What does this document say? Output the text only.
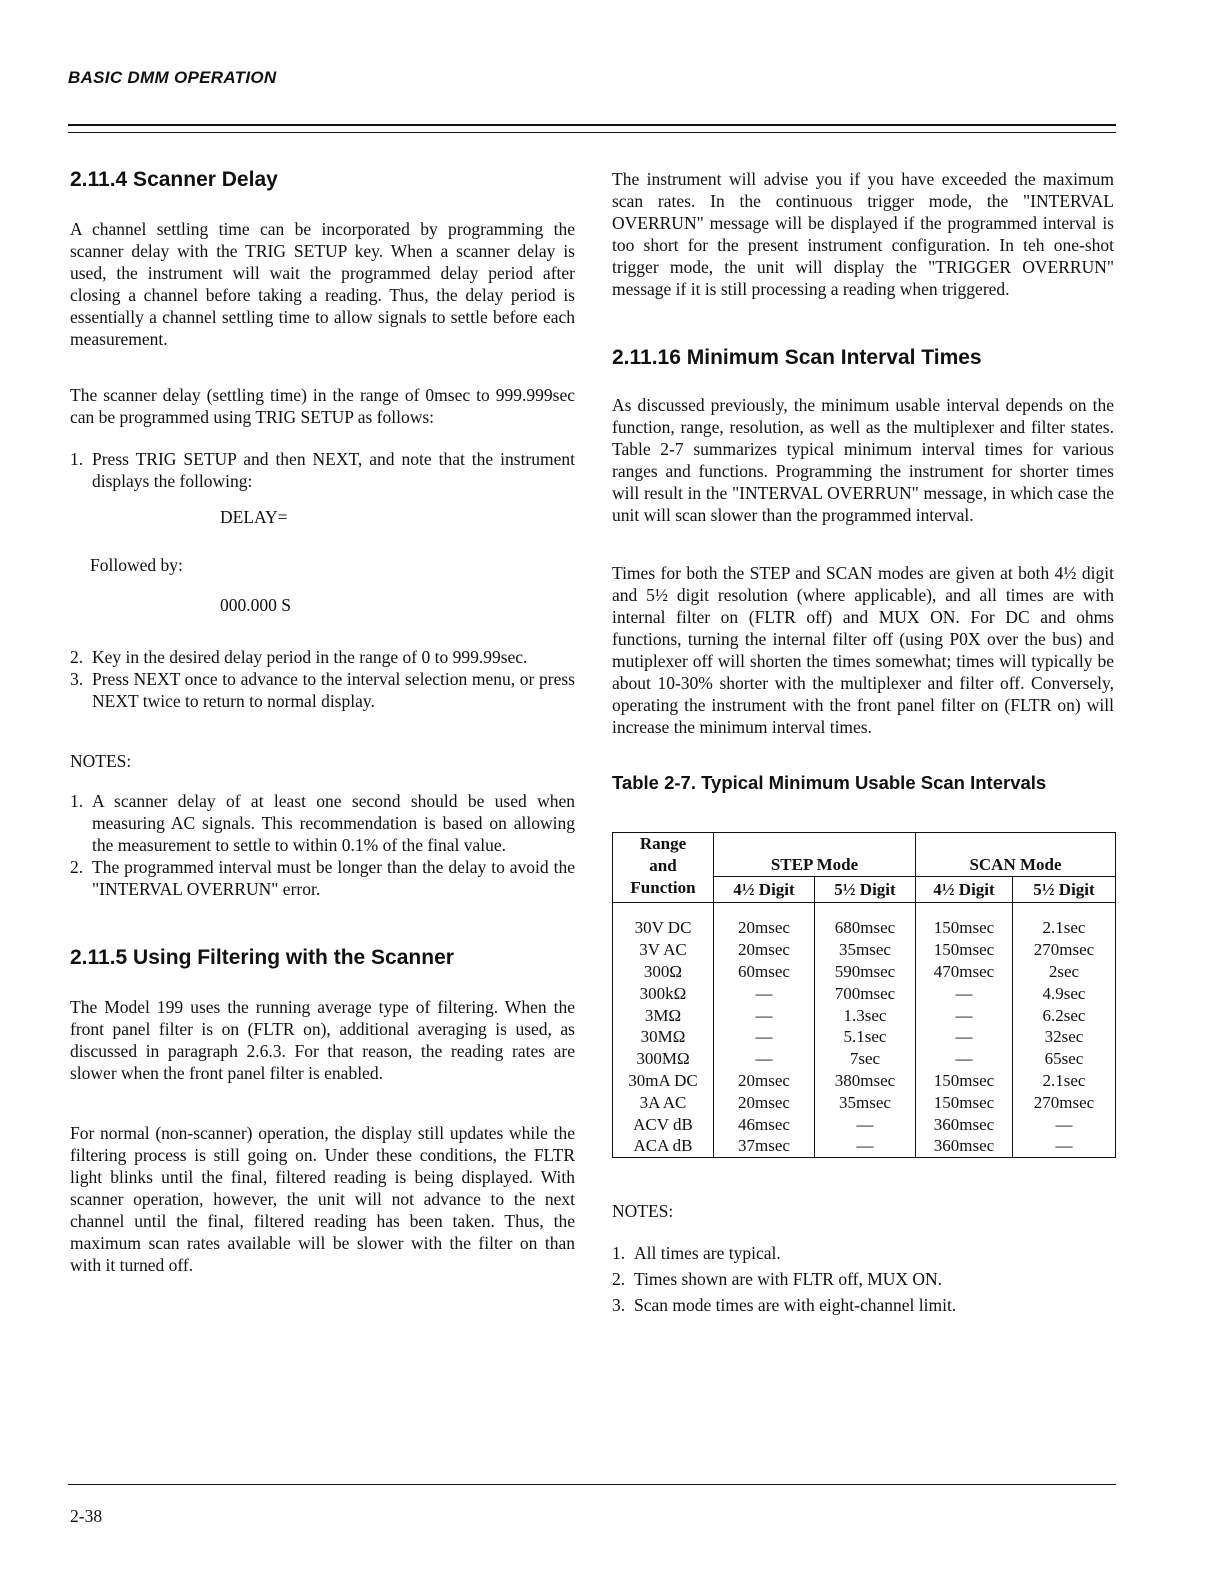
BASIC DMM OPERATION
2.11.4 Scanner Delay

A channel settling time can be incorporated by programming the scanner delay with the TRIG SETUP key. When a scanner delay is used, the instrument will wait the programmed delay period after closing a channel before taking a reading. Thus, the delay period is essentially a channel settling time to allow signals to settle before each measurement.

The scanner delay (settling time) in the range of 0msec to 999.999sec can be programmed using TRIG SETUP as follows:

1. Press TRIG SETUP and then NEXT, and note that the instrument displays the following:
DELAY=
Followed by:
000.000 S
2. Key in the desired delay period in the range of 0 to 999.99sec.
3. Press NEXT once to advance to the interval selection menu, or press NEXT twice to return to normal display.

NOTES:

1. A scanner delay of at least one second should be used when measuring AC signals. This recommendation is based on allowing the measurement to settle to within 0.1% of the final value.
2. The programmed interval must be longer than the delay to avoid the "INTERVAL OVERRUN" error.
2.11.5 Using Filtering with the Scanner

The Model 199 uses the running average type of filtering. When the front panel filter is on (FLTR on), additional averaging is used, as discussed in paragraph 2.6.3. For that reason, the reading rates are slower when the front panel filter is enabled.

For normal (non-scanner) operation, the display still updates while the filtering process is still going on. Under these conditions, the FLTR light blinks until the final, filtered reading is being displayed. With scanner operation, however, the unit will not advance to the next channel until the final, filtered reading has been taken. Thus, the maximum scan rates available will be slower with the filter on than with it turned off.

The instrument will advise you if you have exceeded the maximum scan rates. In the continuous trigger mode, the "INTERVAL OVERRUN" message will be displayed if the programmed interval is too short for the present instrument configuration. In teh one-shot trigger mode, the unit will display the "TRIGGER OVERRUN" message if it is still processing a reading when triggered.

2.11.16 Minimum Scan Interval Times

As discussed previously, the minimum usable interval depends on the function, range, resolution, as well as the multiplexer and filter states. Table 2-7 summarizes typical minimum interval times for various ranges and functions. Programming the instrument for shorter times will result in the "INTERVAL OVERRUN" message, in which case the unit will scan slower than the programmed interval.

Times for both the STEP and SCAN modes are given at both 4½ digit and 5½ digit resolution (where applicable), and all times are with internal filter on (FLTR off) and MUX ON. For DC and ohms functions, turning the internal filter off (using P0X over the bus) and mutiplexer off will shorten the times somewhat; times will typically be about 10-30% shorter with the multiplexer and filter off. Conversely, operating the instrument with the front panel filter on (FLTR on) will increase the minimum interval times.

Table 2-7. Typical Minimum Usable Scan Intervals
Range
and	STEP Mode		SCAN Mode	
Function	4½ Digit	5½ Digit	4½ Digit	5½ Digit

30V DC	20msec	680msec	150msec	2.1sec
3V AC	20msec	35msec	150msec	270msec
300Ω	60msec	590msec	470msec	2sec
300kΩ	—	700msec	—	4.9sec
3MΩ	—	1.3sec	—	6.2sec
30MΩ	—	5.1sec	—	32sec
300MΩ	—	7sec	—	65sec
30mA DC	20msec	380msec	150msec	2.1sec
3A AC	20msec	35msec	150msec	270msec
ACV dB	46msec	—	360msec	—
ACA dB	37msec	—	360msec	—

NOTES:

1. All times are typical.
2. Times shown are with FLTR off, MUX ON.
3. Scan mode times are with eight-channel limit.
2-38
